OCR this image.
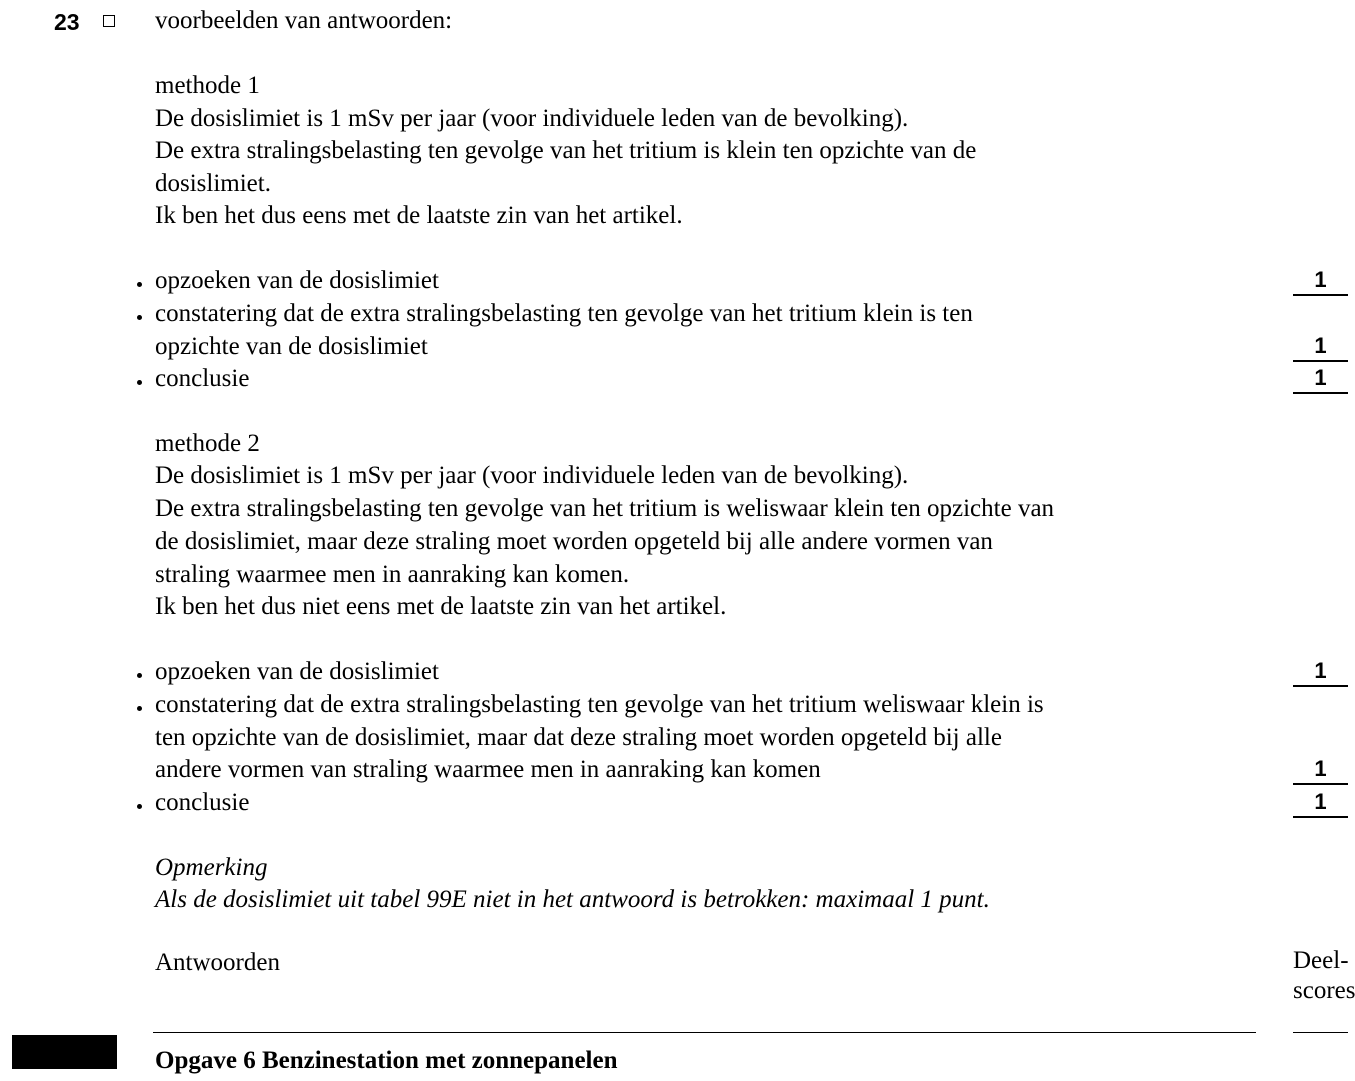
23	voorbeelden van antwoorden:
methode 1
De dosislimiet is 1 mSv per jaar (voor individuele leden van de bevolking).
De extra stralingsbelasting ten gevolge van het tritium is klein ten opzichte van de
dosislimiet.
Ik ben het dus eens met de laatste zin van het artikel.
opzoeken van de dosislimiet	1
constatering dat de extra stralingsbelasting ten gevolge van het tritium klein is ten
opzichte van de dosislimiet	1
conclusie	1
methode 2
De dosislimiet is 1 mSv per jaar (voor individuele leden van de bevolking).
De extra stralingsbelasting ten gevolge van het tritium is weliswaar klein ten opzichte van
de dosislimiet, maar deze straling moet worden opgeteld bij alle andere vormen van
straling waarmee men in aanraking kan komen.
Ik ben het dus niet eens met de laatste zin van het artikel.
opzoeken van de dosislimiet	1
constatering dat de extra stralingsbelasting ten gevolge van het tritium weliswaar klein is
ten opzichte van de dosislimiet, maar dat deze straling moet worden opgeteld bij alle
andere vormen van straling waarmee men in aanraking kan komen	1
conclusie	1
Opmerking
Als de dosislimiet uit tabel 99E niet in het antwoord is betrokken: maximaal 1 punt.
Antwoorden	Deel-
scores
Opgave 6 Benzinestation met zonnepanelen
